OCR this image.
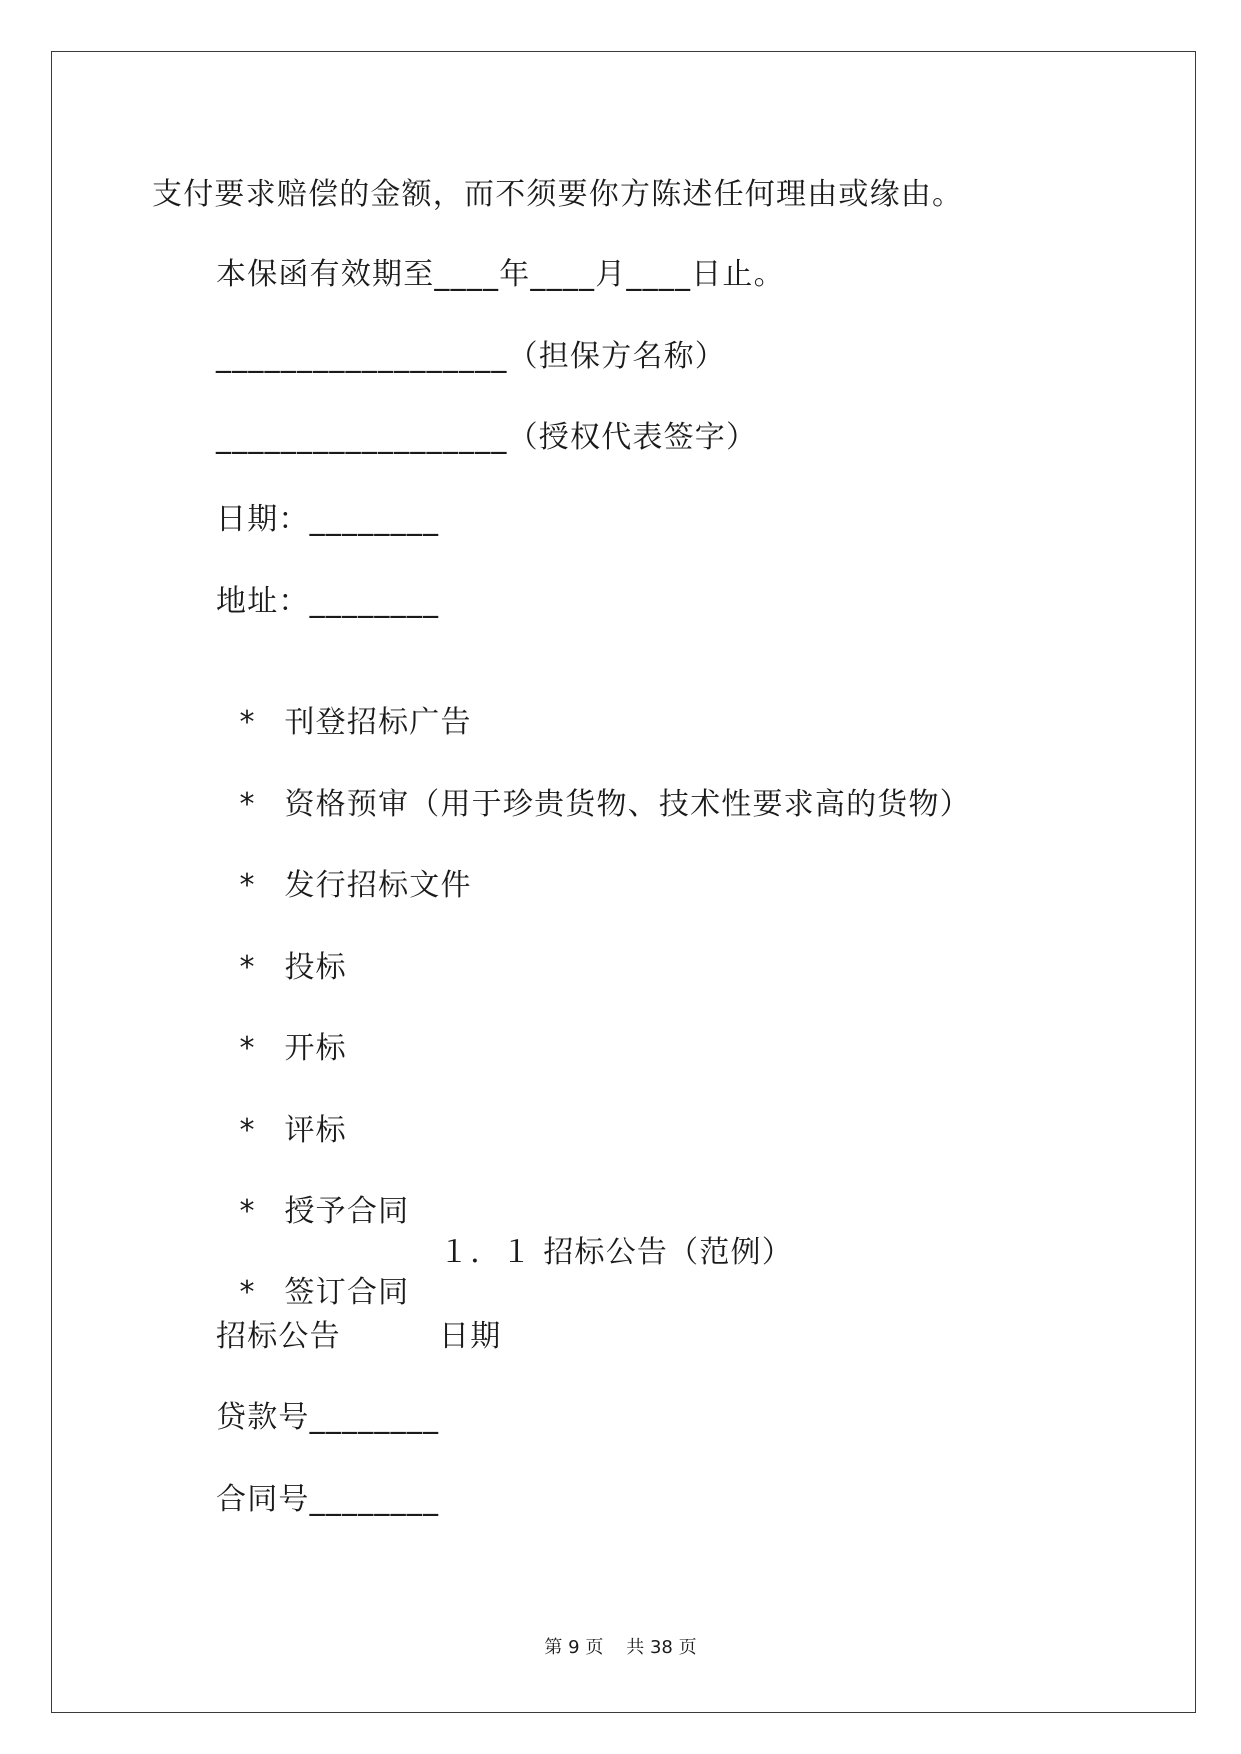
支付要求赔偿的金额，而不须要你方陈述任何理由或缘由。
本保函有效期至____年____月____日止。
__________________（担保方名称）
__________________（授权代表签字）
日期：________
地址：________

* 刊登招标广告

* 资格预审（用于珍贵货物、技术性要求高的货物）

* 发行招标文件

* 投标

* 开标

* 评标

* 授予合同

* 签订合同

１．１ 招标公告（范例）
招标公告	日期
贷款号________
合同号________
第 9 页 共 38 页
